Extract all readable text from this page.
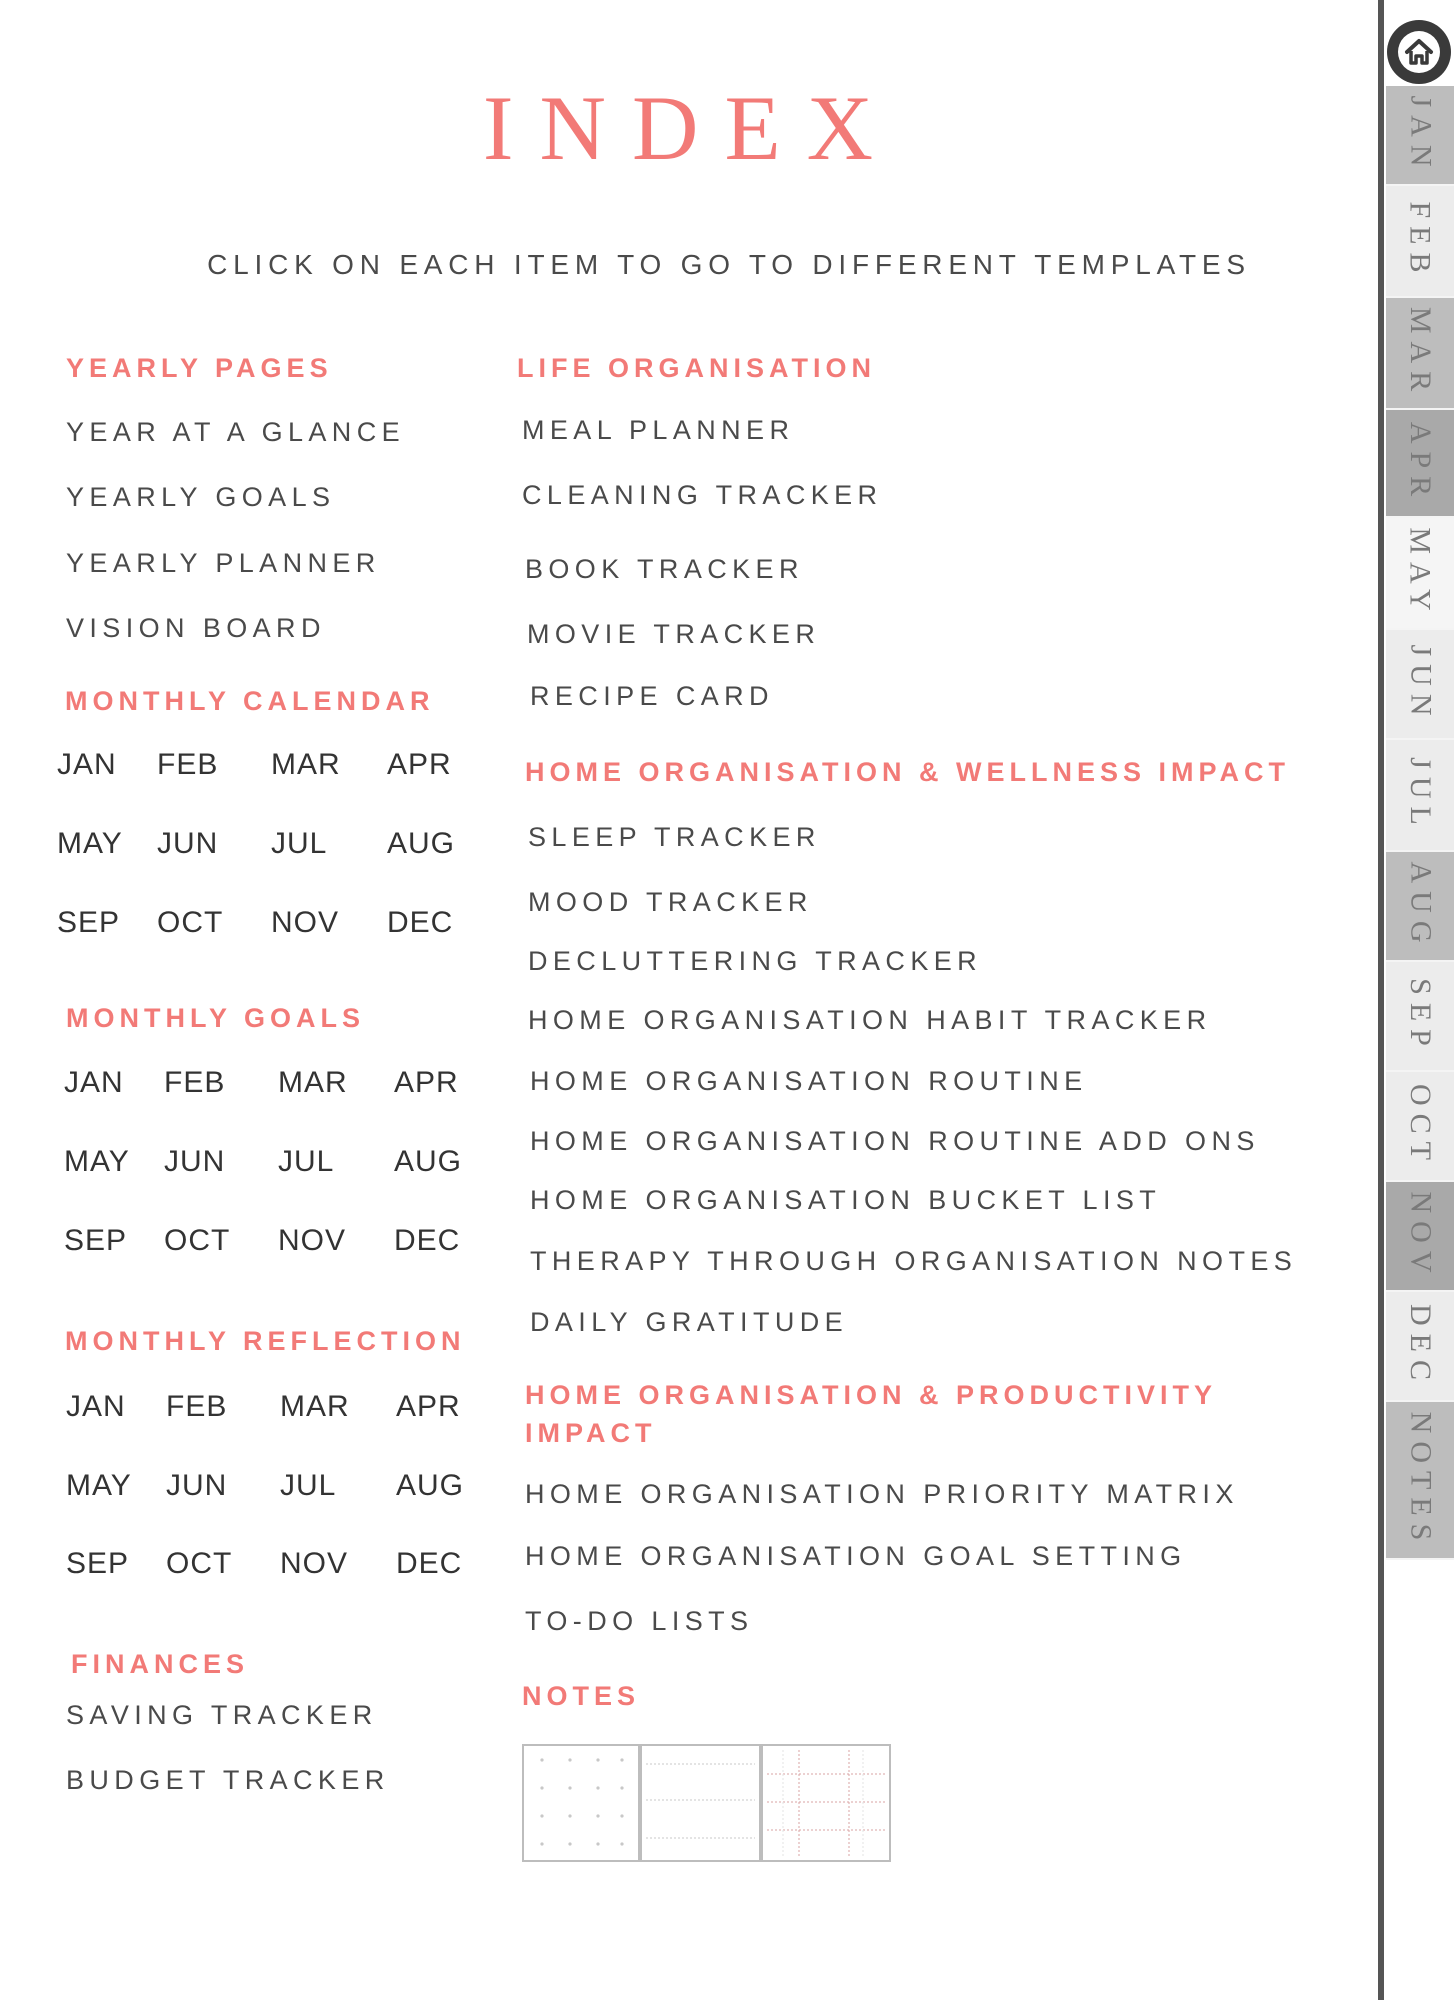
INDEX
CLICK ON EACH ITEM TO GO TO DIFFERENT TEMPLATES
YEARLY PAGES
YEAR AT A GLANCE
YEARLY GOALS
YEARLY PLANNER
VISION BOARD
MONTHLY CALENDAR
JAN FEB MAR APR
MAY JUN JUL AUG
SEP OCT NOV DEC
MONTHLY GOALS
JAN FEB MAR APR
MAY JUN JUL AUG
SEP OCT NOV DEC
MONTHLY REFLECTION
JAN FEB MAR APR
MAY JUN JUL AUG
SEP OCT NOV DEC
FINANCES
SAVING TRACKER
BUDGET TRACKER
LIFE ORGANISATION
MEAL PLANNER
CLEANING TRACKER
BOOK TRACKER
MOVIE TRACKER
RECIPE CARD
HOME ORGANISATION & WELLNESS IMPACT
SLEEP TRACKER
MOOD TRACKER
DECLUTTERING TRACKER
HOME ORGANISATION HABIT TRACKER
HOME ORGANISATION ROUTINE
HOME ORGANISATION ROUTINE ADD ONS
HOME ORGANISATION BUCKET LIST
THERAPY THROUGH ORGANISATION NOTES
DAILY GRATITUDE
HOME ORGANISATION & PRODUCTIVITY
IMPACT
HOME ORGANISATION PRIORITY MATRIX
HOME ORGANISATION GOAL SETTING
TO-DO LISTS
NOTES
JAN
FEB
MAR
APR
MAY
JUN
JUL
AUG
SEP
OCT
NOV
DEC
NOTES
